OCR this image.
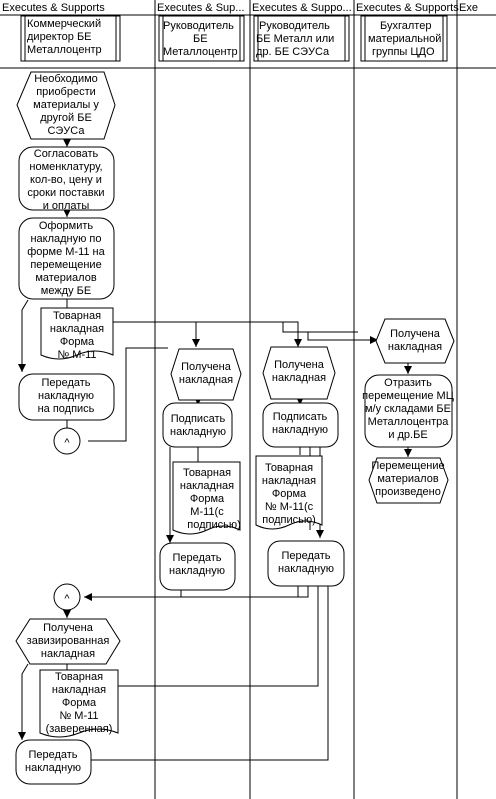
Executes & Supports	Executes & Sup... Executes & Suppo... Executes & Supports Exe
Коммерческий
директор БЕ
Металлоцентр
Руководитель
БЕ
Металлоцентр
Руководитель
БЕ Металл или
др. БЕ СЭУСа
Бухгалтер
материальной
группы ЦДО
^
^
Необходимо
приобрести
материалы у
другой БЕ
СЭУСа
Согласовать
номенклатуру,
кол-во, цену и
сроки поставки
и оплаты
Оформить
накладную по
форме М-11 на
перемещение
материалов
между БЕ
Товарная
накладная
Форма
№ М-11
Передать
накладную
на подпись
Получена
накладная
Подписать
накладную
Товарная
накладная
Форма
М-11(с
подписью)
Передать
накладную
Получена
накладная
Подписать
накладную
Товарная
накладная
Форма
№ М-11(с
подписью)
Передать
накладную
Получена
накладная
Отразить
перемещение МЦ
м/у складами БЕ
Металлоцентра
и др.БЕ
Перемещение
материалов
произведено
Получена
завизированная
накладная
Товарная
накладная
Форма
№ М-11
(заверенная)
Передать
накладную
